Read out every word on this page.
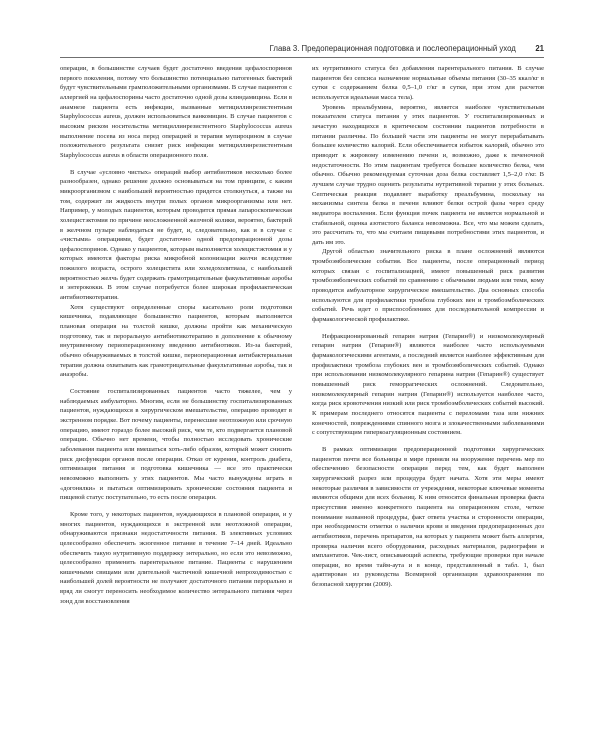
Глава 3. Предоперационная подготовка и послеоперационный уход 21

операции, в большинстве случаев будет достаточно введения цефалоспоринов первого поколения, потому что большинство потенциально патогенных бактерий будут чувствительными грамположительными организмами. В случае пациентов с аллергией на цефалоспорины часто достаточно одной дозы клиндамицина. Если в анамнезе пациента есть инфекции, вызванные метициллинрезистентным Staphylococcus aureus, должен использоваться ванкомицин. В случае пациентов с высоким риском носительства метициллинрезистентного Staphylococcus aureus выполнение посева из носа перед операцией и терапия мупироцином в случае положительного результата снизят риск инфекции метициллинрезистентным Staphylococcus aureus в области операционного поля.

В случае «условно чистых» операций выбор антибиотиков несколько более разнообразен, однако решение должно основываться на том принципе, с каким микроорганизмом с наибольшей вероятностью придется столкнуться, а также на том, содержит ли жидкость внутри полых органов микроорганизмы или нет. Например, у молодых пациентов, которым проводится прямая лапароскопическая холецистэктомия по причине неосложненной желчной колики, вероятно, бактерий в желчном пузыре наблюдаться не будет, и, следовательно, как и в случае с «чистыми» операциями, будет достаточно одной предоперационной дозы цефалоспоринов. Однако у пациентов, которым выполняется холецистэктомия и у которых имеются факторы риска микробной колонизации желчи вследствие пожилого возраста, острого холецистита или холедохолитиаза, с наибольшей вероятностью желчь будет содержать грамотрицательные факультативные аэробы и энтерококки. В этом случае потребуется более широкая профилактическая антибиотикотерапия.

Хотя существуют определенные споры касательно роли подготовки кишечника, подавляющее большинство пациентов, которым выполняется плановая операция на толстой кишке, должны пройти как механическую подготовку, так и пероральную антибиотикотерапию в дополнение к обычному внутривенному периоперационному введению антибиотиков. Из-за бактерий, обычно обнаруживаемых в толстой кишке, периоперационная антибактериальная терапия должна охватывать как грамотрицательные факультативные аэробы, так и анаэробы.

Состояние госпитализированных пациентов часто тяжелее, чем у наблюдаемых амбулаторно. Многим, если не большинству госпитализированных пациентов, нуждающихся в хирургическом вмешательстве, операцию проводят в экстренном порядке. Вот почему пациенты, перенесшие неотложную или срочную операцию, имеют гораздо более высокий риск, чем те, кто подвергается плановой операции. Обычно нет времени, чтобы полностью исследовать хронические заболевания пациента или вмешаться хоть-либо образом, который может снизить риск дисфункции органов после операции. Отказ от курения, контроль диабета, оптимизация питания и подготовка кишечника — все это практически невозможно выполнить у этих пациентов. Мы часто вынуждены играть в «догонялки» и пытаться оптимизировать хронические состояния пациента и пищевой статус поступательно, то есть после операции.

Кроме того, у некоторых пациентов, нуждающихся в плановой операции, и у многих пациентов, нуждающихся в экстренной или неотложной операции, обнаруживаются признаки недостаточности питания. В элективных условиях целесообразно обеспечить экзогенное питание в течение 7–14 дней. Идеально обеспечить такую нутритивную поддержку энтерально, но если это невозможно, целесообразно применить парентеральное питание. Пациенты с нарушением кишечными свищами или длительной частичной кишечной непроходимостью с наибольшей долей вероятности не получают достаточного питания перорально и вряд ли смогут переносить необходимое количество энтерального питания через зонд для восстановления

их нутритивного статуса без добавления парентерального питания. В случае пациентов без сепсиса назначение нормальные объемы питания (30–35 ккал/кг в сутки с содержанием белка 0,5–1,0 г/кг в сутки, при этом для расчетов используется идеальная масса тела).

Уровень преальбумина, вероятно, является наиболее чувствительным показателем статуса питания у этих пациентов. У госпитализированных и зачастую находящихся в критическом состоянии пациентов потребности в питании различны. По большей части эти пациенты не могут перерабатывать большее количество калорий. Если обеспечивается избыток калорий, обычно это приводит к жировому изменению печени и, возможно, даже к печеночной недостаточности. Но этим пациентам требуется большее количество белка, чем обычно. Обычно рекомендуемая суточная доза белка составляет 1,5–2,0 г/кг. В лучшем случае трудно оценить результаты нутритивной терапии у этих больных. Септическая реакция подавляет выработку преальбумина, поскольку на механизмы синтеза белка в печени влияют белки острой фазы через среду медиатора воспаления. Если функция почек пациента не является нормальной и стабильной, оценка азотистого баланса невозможна. Все, что мы можем сделать, это рассчитать то, что мы считаем пищевыми потребностями этих пациентов, и дать им это.

Другой областью значительного риска в плане осложнений являются тромбоэмболические события. Все пациенты, после операционный период которых связан с госпитализацией, имеют повышенный риск развития тромбоэмболических событий по сравнению с обычными людьми или теми, кому проводится амбулаторное хирургическое вмешательство. Два основных способа используются для профилактики тромбоза глубоких вен и тромбоэмболических событий. Речь идет о приспособлениях для последовательной компрессии и фармакологической профилактике.

Нефракционированный гепарин натрия (Гепарин®) и низкомолекулярный гепарин натрия (Гепарин®) являются наиболее часто используемыми фармакологическими агентами, а последний является наиболее эффективным для профилактики тромбоза глубоких вен и тромбоэмболических событий. Однако при использовании низкомолекулярного гепарина натрия (Гепарин®) существует повышенный риск геморрагических осложнений. Следовательно, низкомолекулярный гепарин натрия (Гепарин®) используется наиболее часто, когда риск кровотечения низкий или риск тромбоэмболических событий высокий. К примерам последнего относятся пациенты с переломами таза или нижних конечностей, повреждениями спинного мозга и злокачественными заболеваниями с сопутствующим гиперкоагуляционным состоянием.

В рамках оптимизации предоперационной подготовки хирургических пациентов почти все больницы в мире приняли на вооружение перечень мер по обеспечению безопасности операции перед тем, как будет выполнен хирургический разрез или процедура будет начата. Хотя эти меры имеют некоторые различия в зависимости от учреждения, некоторые ключевые моменты являются общими для всех больниц. К ним относятся финальная проверка факта присутствия именно конкретного пациента на операционном столе, четкое понимание названной процедуры, факт ответа участка и сторонности операции, при необходимости отметки о наличии крови и введения предоперационных доз антибиотиков, перечень препаратов, на которых у пациента может быть аллергия, проверка наличия всего оборудования, расходных материалов, радиографии и имплантатов. Чек-лист, описывающий аспекты, требующие проверки при начале операции, во время тайм-аута и в конце, представленный в табл. 1, был адаптирован из руководства Всемирной организации здравоохранения по безопасной хирургии (2009).
